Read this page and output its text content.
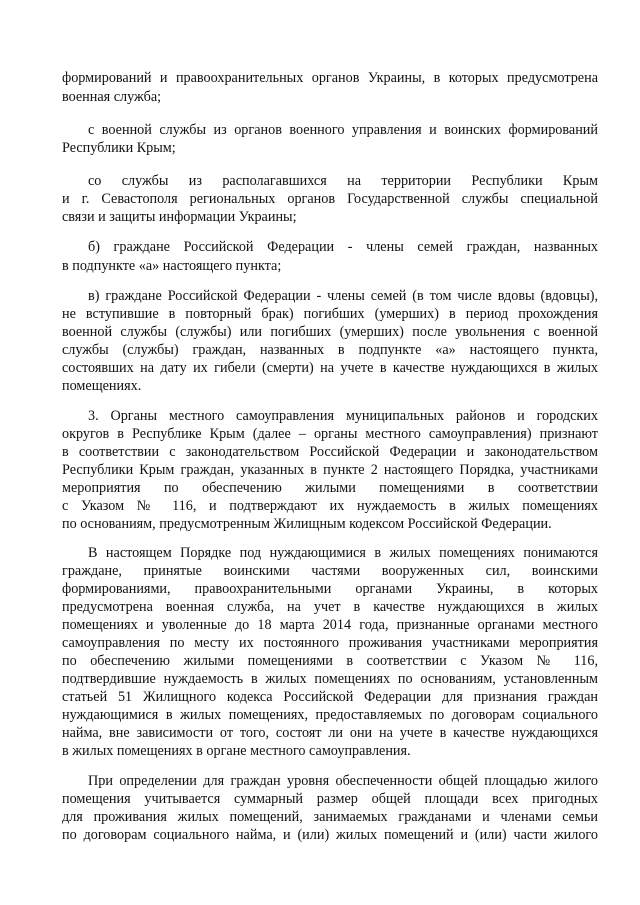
формирований и правоохранительных органов Украины, в которых предусмотрена
военная служба;
с военной службы из органов военного управления и воинских формирований
Республики Крым;
со службы из располагавшихся на территории Республики Крым
и г. Севастополя региональных органов Государственной службы специальной
связи и защиты информации Украины;
б) граждане Российской Федерации - члены семей граждан, названных
в подпункте «а» настоящего пункта;
в) граждане Российской Федерации - члены семей (в том числе вдовы (вдовцы),
не вступившие в повторный брак) погибших (умерших) в период прохождения
военной службы (службы) или погибших (умерших) после увольнения с военной
службы (службы) граждан, названных в подпункте «а» настоящего пункта,
состоявших на дату их гибели (смерти) на учете в качестве нуждающихся в жилых
помещениях.
3. Органы местного самоуправления муниципальных районов и городских
округов в Республике Крым (далее – органы местного самоуправления) признают
в соответствии с законодательством Российской Федерации и законодательством
Республики Крым граждан, указанных в пункте 2 настоящего Порядка, участниками
мероприятия по обеспечению жилыми помещениями в соответствии
с Указом № 116, и подтверждают их нуждаемость в жилых помещениях
по основаниям, предусмотренным Жилищным кодексом Российской Федерации.
В настоящем Порядке под нуждающимися в жилых помещениях понимаются
граждане, принятые воинскими частями вооруженных сил, воинскими
формированиями, правоохранительными органами Украины, в которых
предусмотрена военная служба, на учет в качестве нуждающихся в жилых
помещениях и уволенные до 18 марта 2014 года, признанные органами местного
самоуправления по месту их постоянного проживания участниками мероприятия
по обеспечению жилыми помещениями в соответствии с Указом № 116,
подтвердившие нуждаемость в жилых помещениях по основаниям, установленным
статьей 51 Жилищного кодекса Российской Федерации для признания граждан
нуждающимися в жилых помещениях, предоставляемых по договорам социального
найма, вне зависимости от того, состоят ли они на учете в качестве нуждающихся
в жилых помещениях в органе местного самоуправления.
При определении для граждан уровня обеспеченности общей площадью жилого
помещения учитывается суммарный размер общей площади всех пригодных
для проживания жилых помещений, занимаемых гражданами и членами семьи
по договорам социального найма, и (или) жилых помещений и (или) части жилого
